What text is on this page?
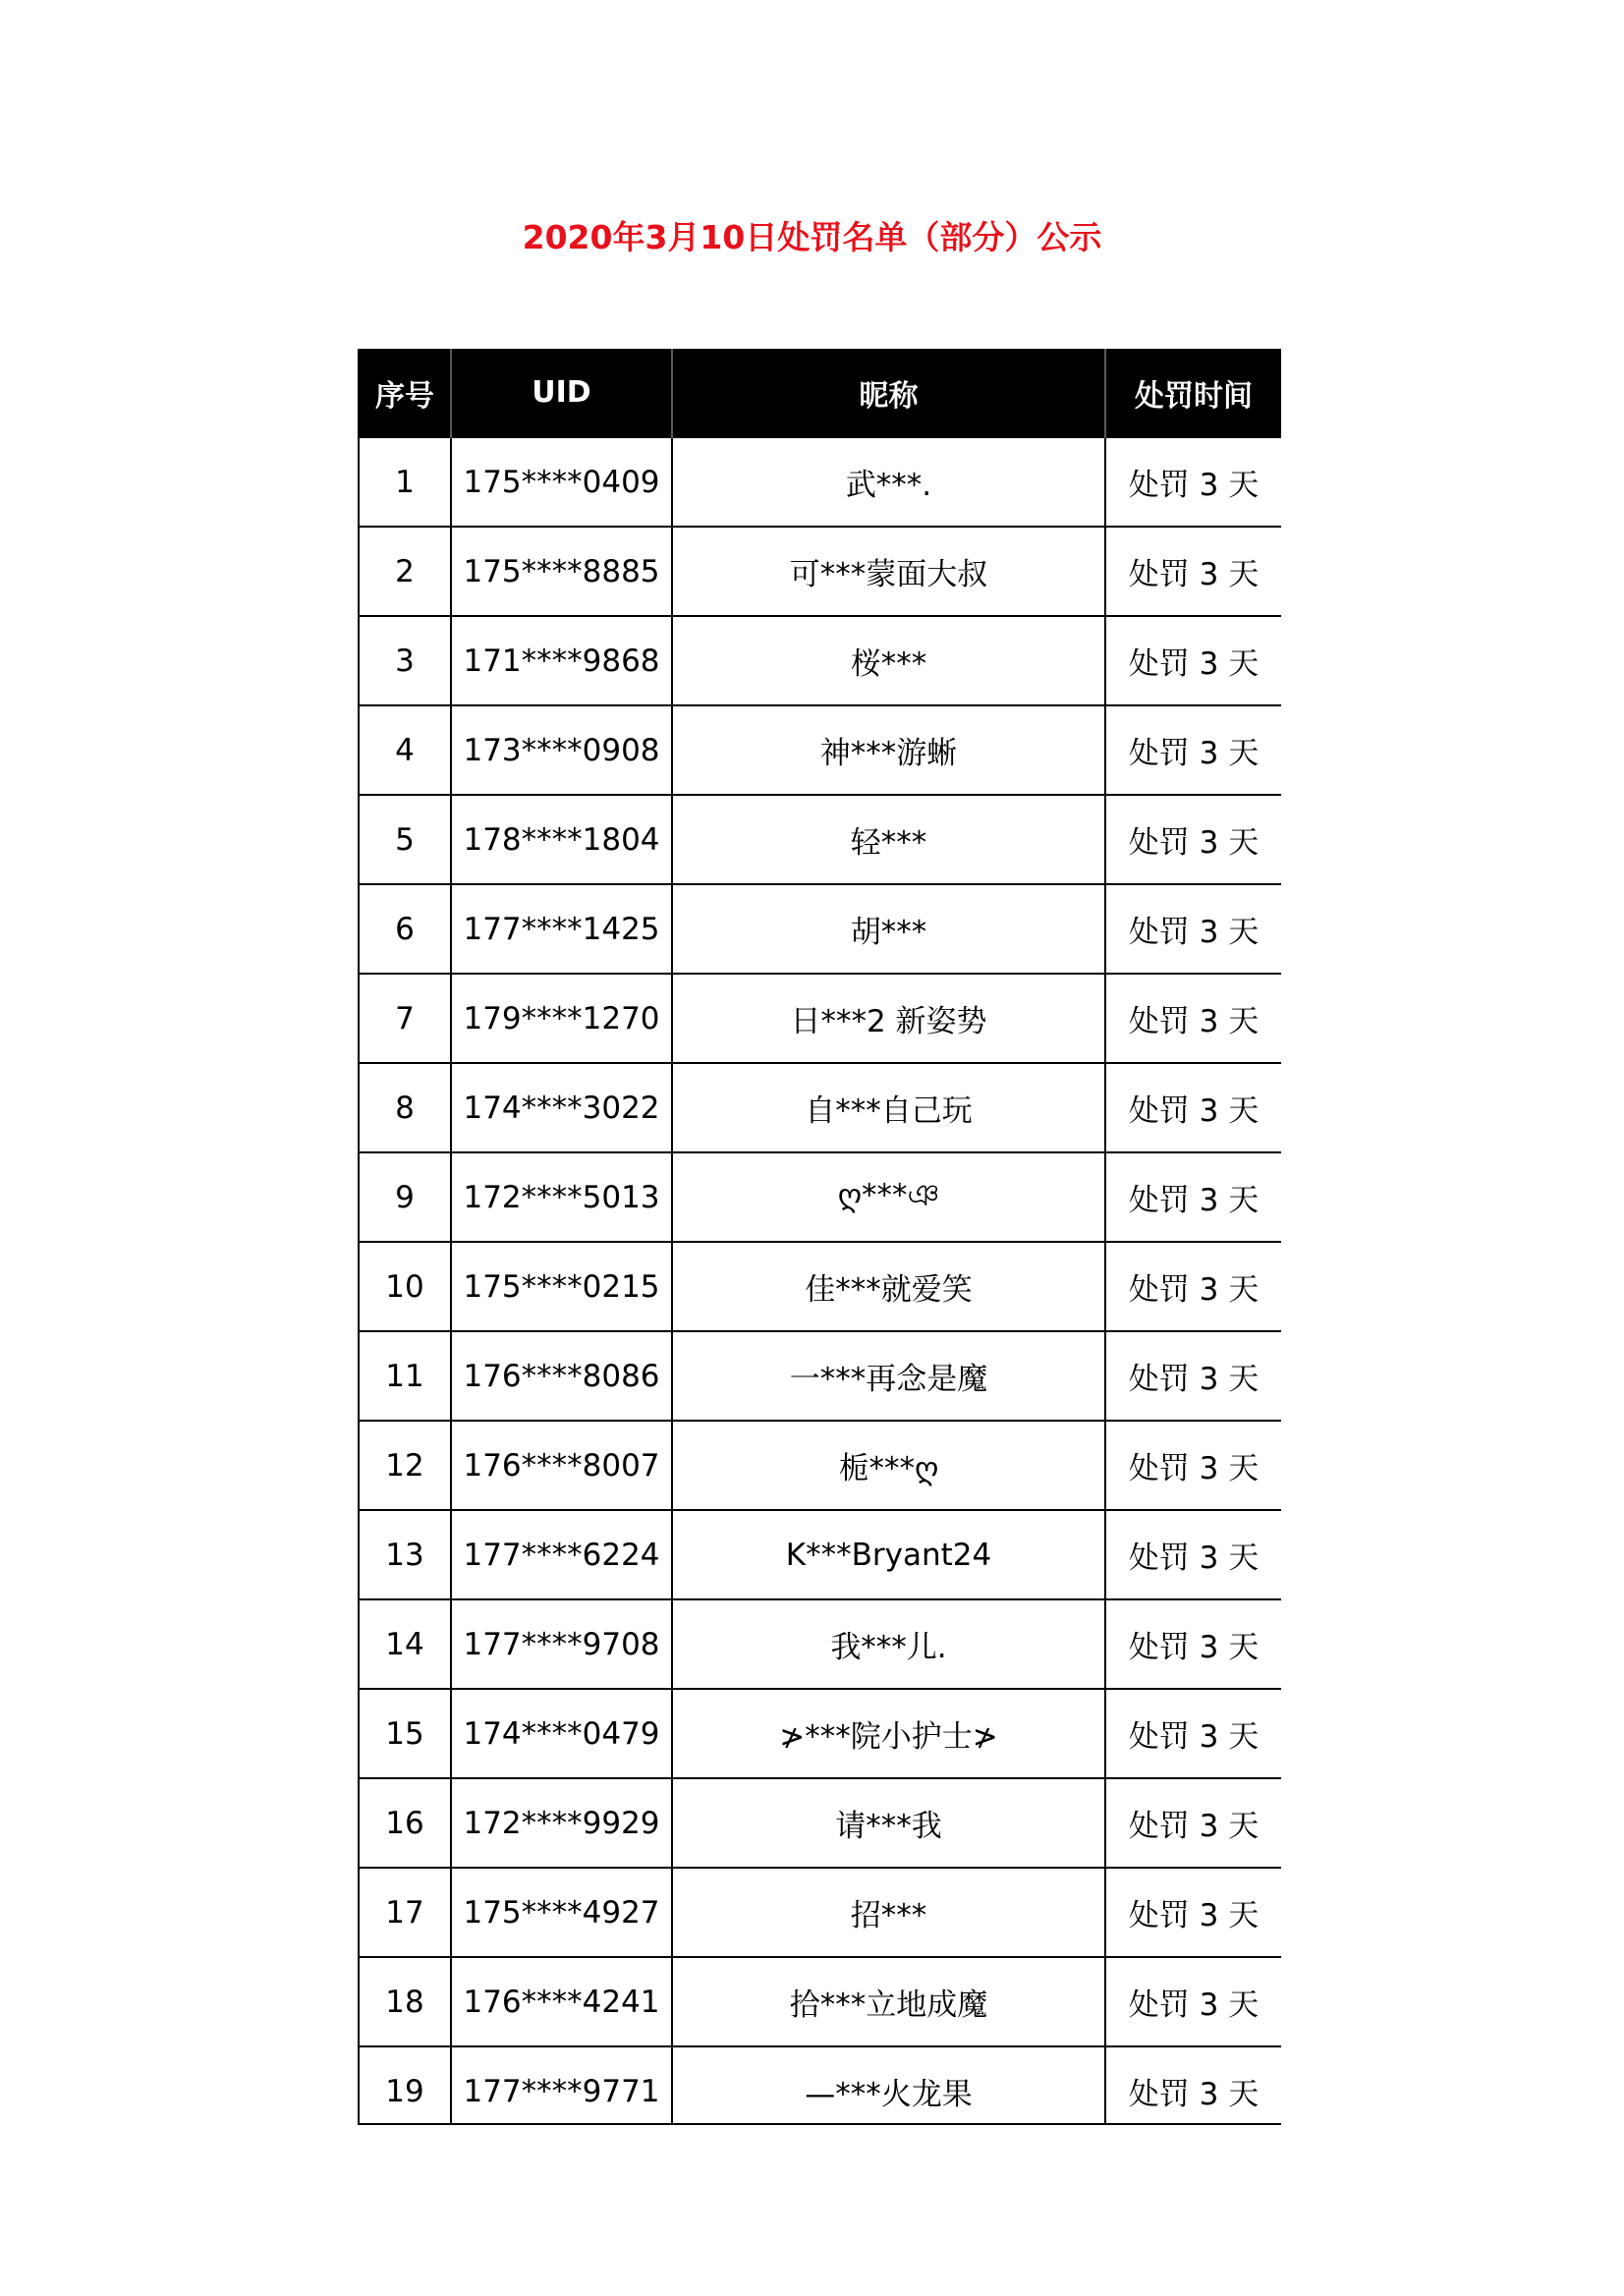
2020年3月10日处罚名单（部分）公示
序号	UID	昵称	处罚时间
1	175****0409	武***.	处罚 3 天
2	175****8885	可***蒙面大叔	处罚 3 天
3	171****9868	桜***	处罚 3 天
4	173****0908	神***游蜥	处罚 3 天
5	178****1804	轻***	处罚 3 天
6	177****1425	胡***	处罚 3 天
7	179****1270	日***2 新姿势	处罚 3 天
8	174****3022	自***自己玩	处罚 3 天
9	172****5013	ღ***ঞ	处罚 3 天
10	175****0215	佳***就爱笑	处罚 3 天
11	176****8086	一***再念是魔	处罚 3 天
12	176****8007	栀***ღ	处罚 3 天
13	177****6224	K***Bryant24	处罚 3 天
14	177****9708	我***儿.	处罚 3 天
15	174****0479	≯***院小护士≯	处罚 3 天
16	172****9929	请***我	处罚 3 天
17	175****4927	招***	处罚 3 天
18	176****4241	拾***立地成魔	处罚 3 天
19	177****9771	—***火龙果	处罚 3 天
